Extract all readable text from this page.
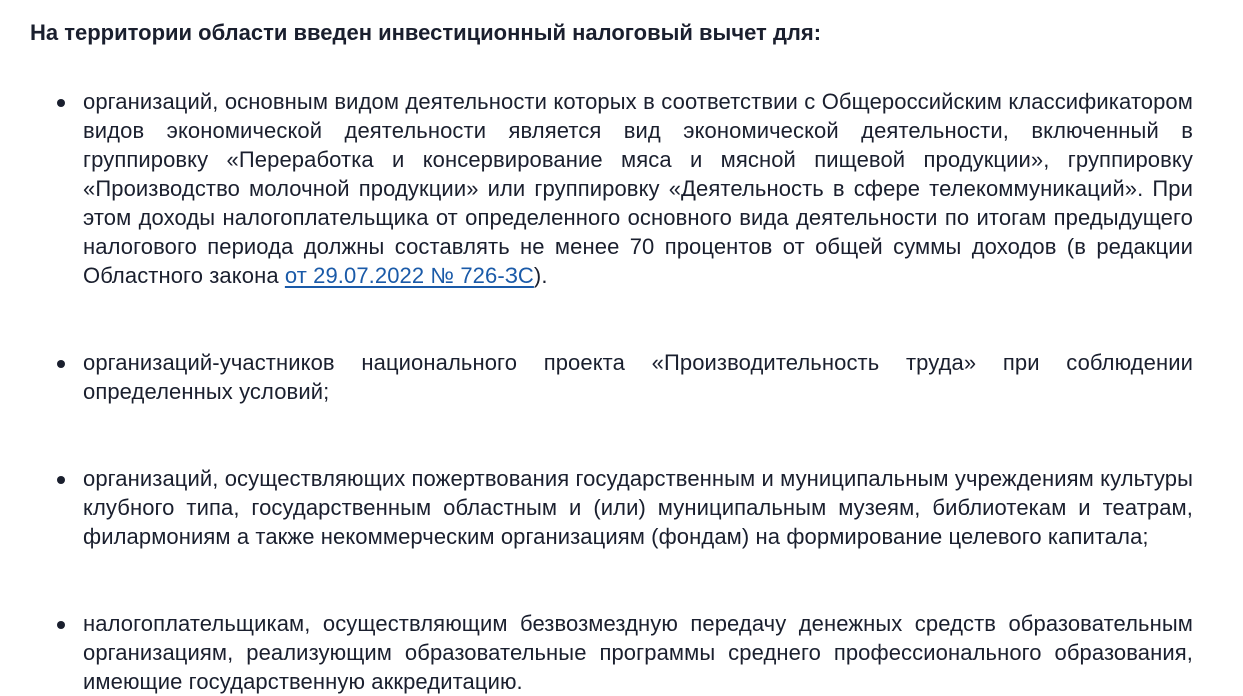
На территории области введен инвестиционный налоговый вычет для:
организаций, основным видом деятельности которых в соответствии с Общероссийским классификатором видов экономической деятельности является вид экономической деятельности, включенный в группировку «Переработка и консервирование мяса и мясной пищевой продукции», группировку «Производство молочной продукции» или группировку «Деятельность в сфере телекоммуникаций». При этом доходы налогоплательщика от определенного основного вида деятельности по итогам предыдущего налогового периода должны составлять не менее 70 процентов от общей суммы доходов (в редакции Областного закона от 29.07.2022 № 726-ЗС).
организаций-участников национального проекта «Производительность труда» при соблюдении определенных условий;
организаций, осуществляющих пожертвования государственным и муниципальным учреждениям культуры клубного типа, государственным областным и (или) муниципальным музеям, библиотекам и театрам, филармониям а также некоммерческим организациям (фондам) на формирование целевого капитала;
налогоплательщикам, осуществляющим безвозмездную передачу денежных средств образовательным организациям, реализующим образовательные программы среднего профессионального образования, имеющие государственную аккредитацию.
